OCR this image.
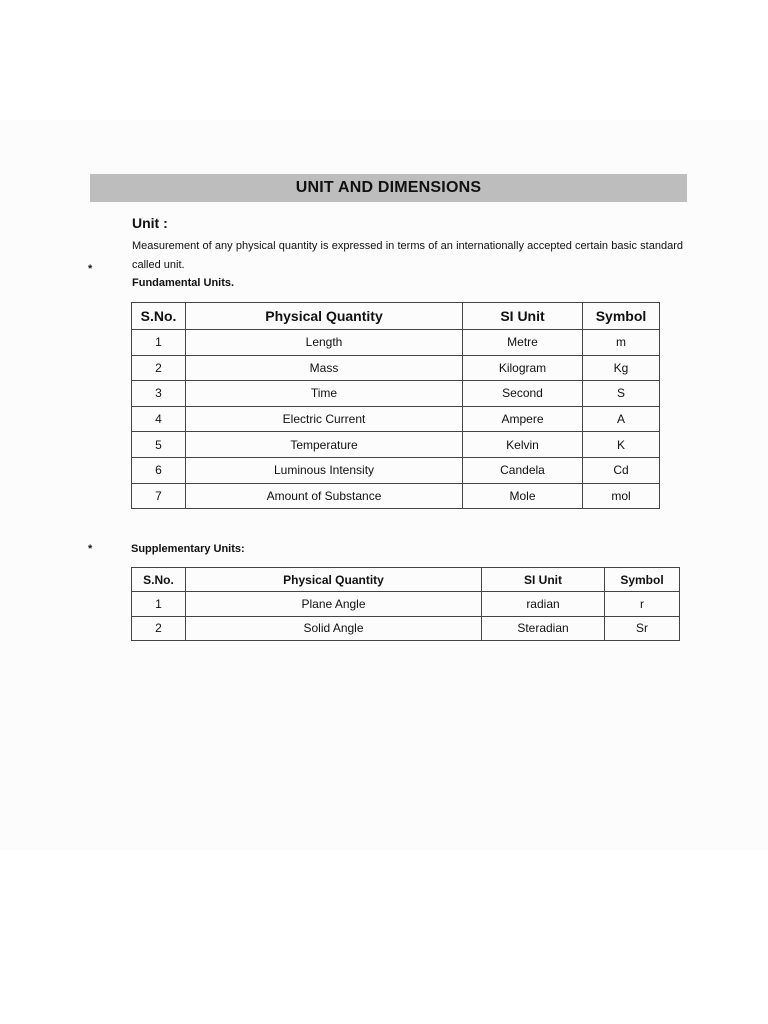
UNIT AND DIMENSIONS
Unit :
Measurement of any physical quantity is expressed in terms of an internationally accepted certain basic standard called unit.
*
Fundamental Units.
S.No.	Physical Quantity	SI Unit	Symbol
1	Length	Metre	m
2	Mass	Kilogram	Kg
3	Time	Second	S
4	Electric Current	Ampere	A
5	Temperature	Kelvin	K
6	Luminous Intensity	Candela	Cd
7	Amount of Substance	Mole	mol
*	Supplementary Units:
S.No.	Physical Quantity	SI Unit	Symbol
1	Plane Angle	radian	r
2	Solid Angle	Steradian	Sr
